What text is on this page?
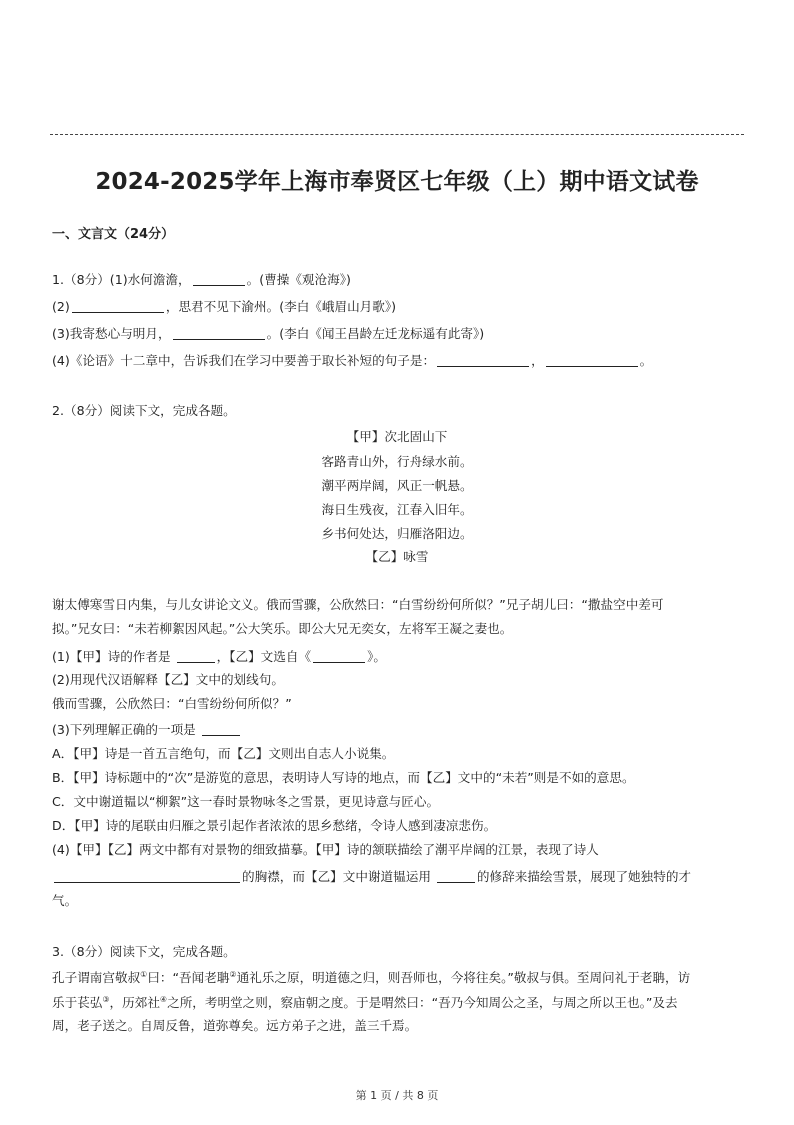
2024-2025学年上海市奉贤区七年级（上）期中语文试卷
一、文言文（24分）
1.（8分）(1)水何澹澹，	。(曹操《观沧海》)
(2)	，思君不见下渝州。(李白《峨眉山月歌》)
(3)我寄愁心与明月，	。(李白《闻王昌龄左迁龙标遥有此寄》)
(4)《论语》十二章中，告诉我们在学习中要善于取长补短的句子是：	，	。
2.（8分）阅读下文，完成各题。
【甲】次北固山下
客路青山外，行舟绿水前。
潮平两岸阔，风正一帆悬。
海日生残夜，江春入旧年。
乡书何处达，归雁洛阳边。
【乙】咏雪
谢太傅寒雪日内集，与儿女讲论文义。俄而雪骤，公欣然曰：“白雪纷纷何所似？”兄子胡儿曰：“撒盐空中差可
拟。”兄女曰：“未若柳絮因风起。”公大笑乐。即公大兄无奕女，左将军王凝之妻也。
(1)【甲】诗的作者是	，【乙】文选自《	》。
(2)用现代汉语解释【乙】文中的划线句。
俄而雪骤，公欣然曰：“白雪纷纷何所似？”
(3)下列理解正确的一项是
A．【甲】诗是一首五言绝句，而【乙】文则出自志人小说集。
B．【甲】诗标题中的“次”是游览的意思，表明诗人写诗的地点，而【乙】文中的“未若”则是不如的意思。
C．文中谢道韫以“柳絮”这一春时景物咏冬之雪景，更见诗意与匠心。
D．【甲】诗的尾联由归雁之景引起作者浓浓的思乡愁绪，令诗人感到凄凉悲伤。
(4)【甲】【乙】两文中都有对景物的细致描摹。【甲】诗的颔联描绘了潮平岸阔的江景，表现了诗人
的胸襟，而【乙】文中谢道韫运用	的修辞来描绘雪景，展现了她独特的才
气。
3.（8分）阅读下文，完成各题。
孔子谓南宫敬叔①曰：“吾闻老聃②通礼乐之原，明道德之归，则吾师也，今将往矣。”敬叔与俱。至周问礼于老聃，访
乐于苌弘③，历郊社④之所，考明堂之则，察庙朝之度。于是喟然曰：“吾乃今知周公之圣，与周之所以王也。”及去
周，老子送之。自周反鲁，道弥尊矣。远方弟子之进，盖三千焉。
第 1 页 / 共 8 页
